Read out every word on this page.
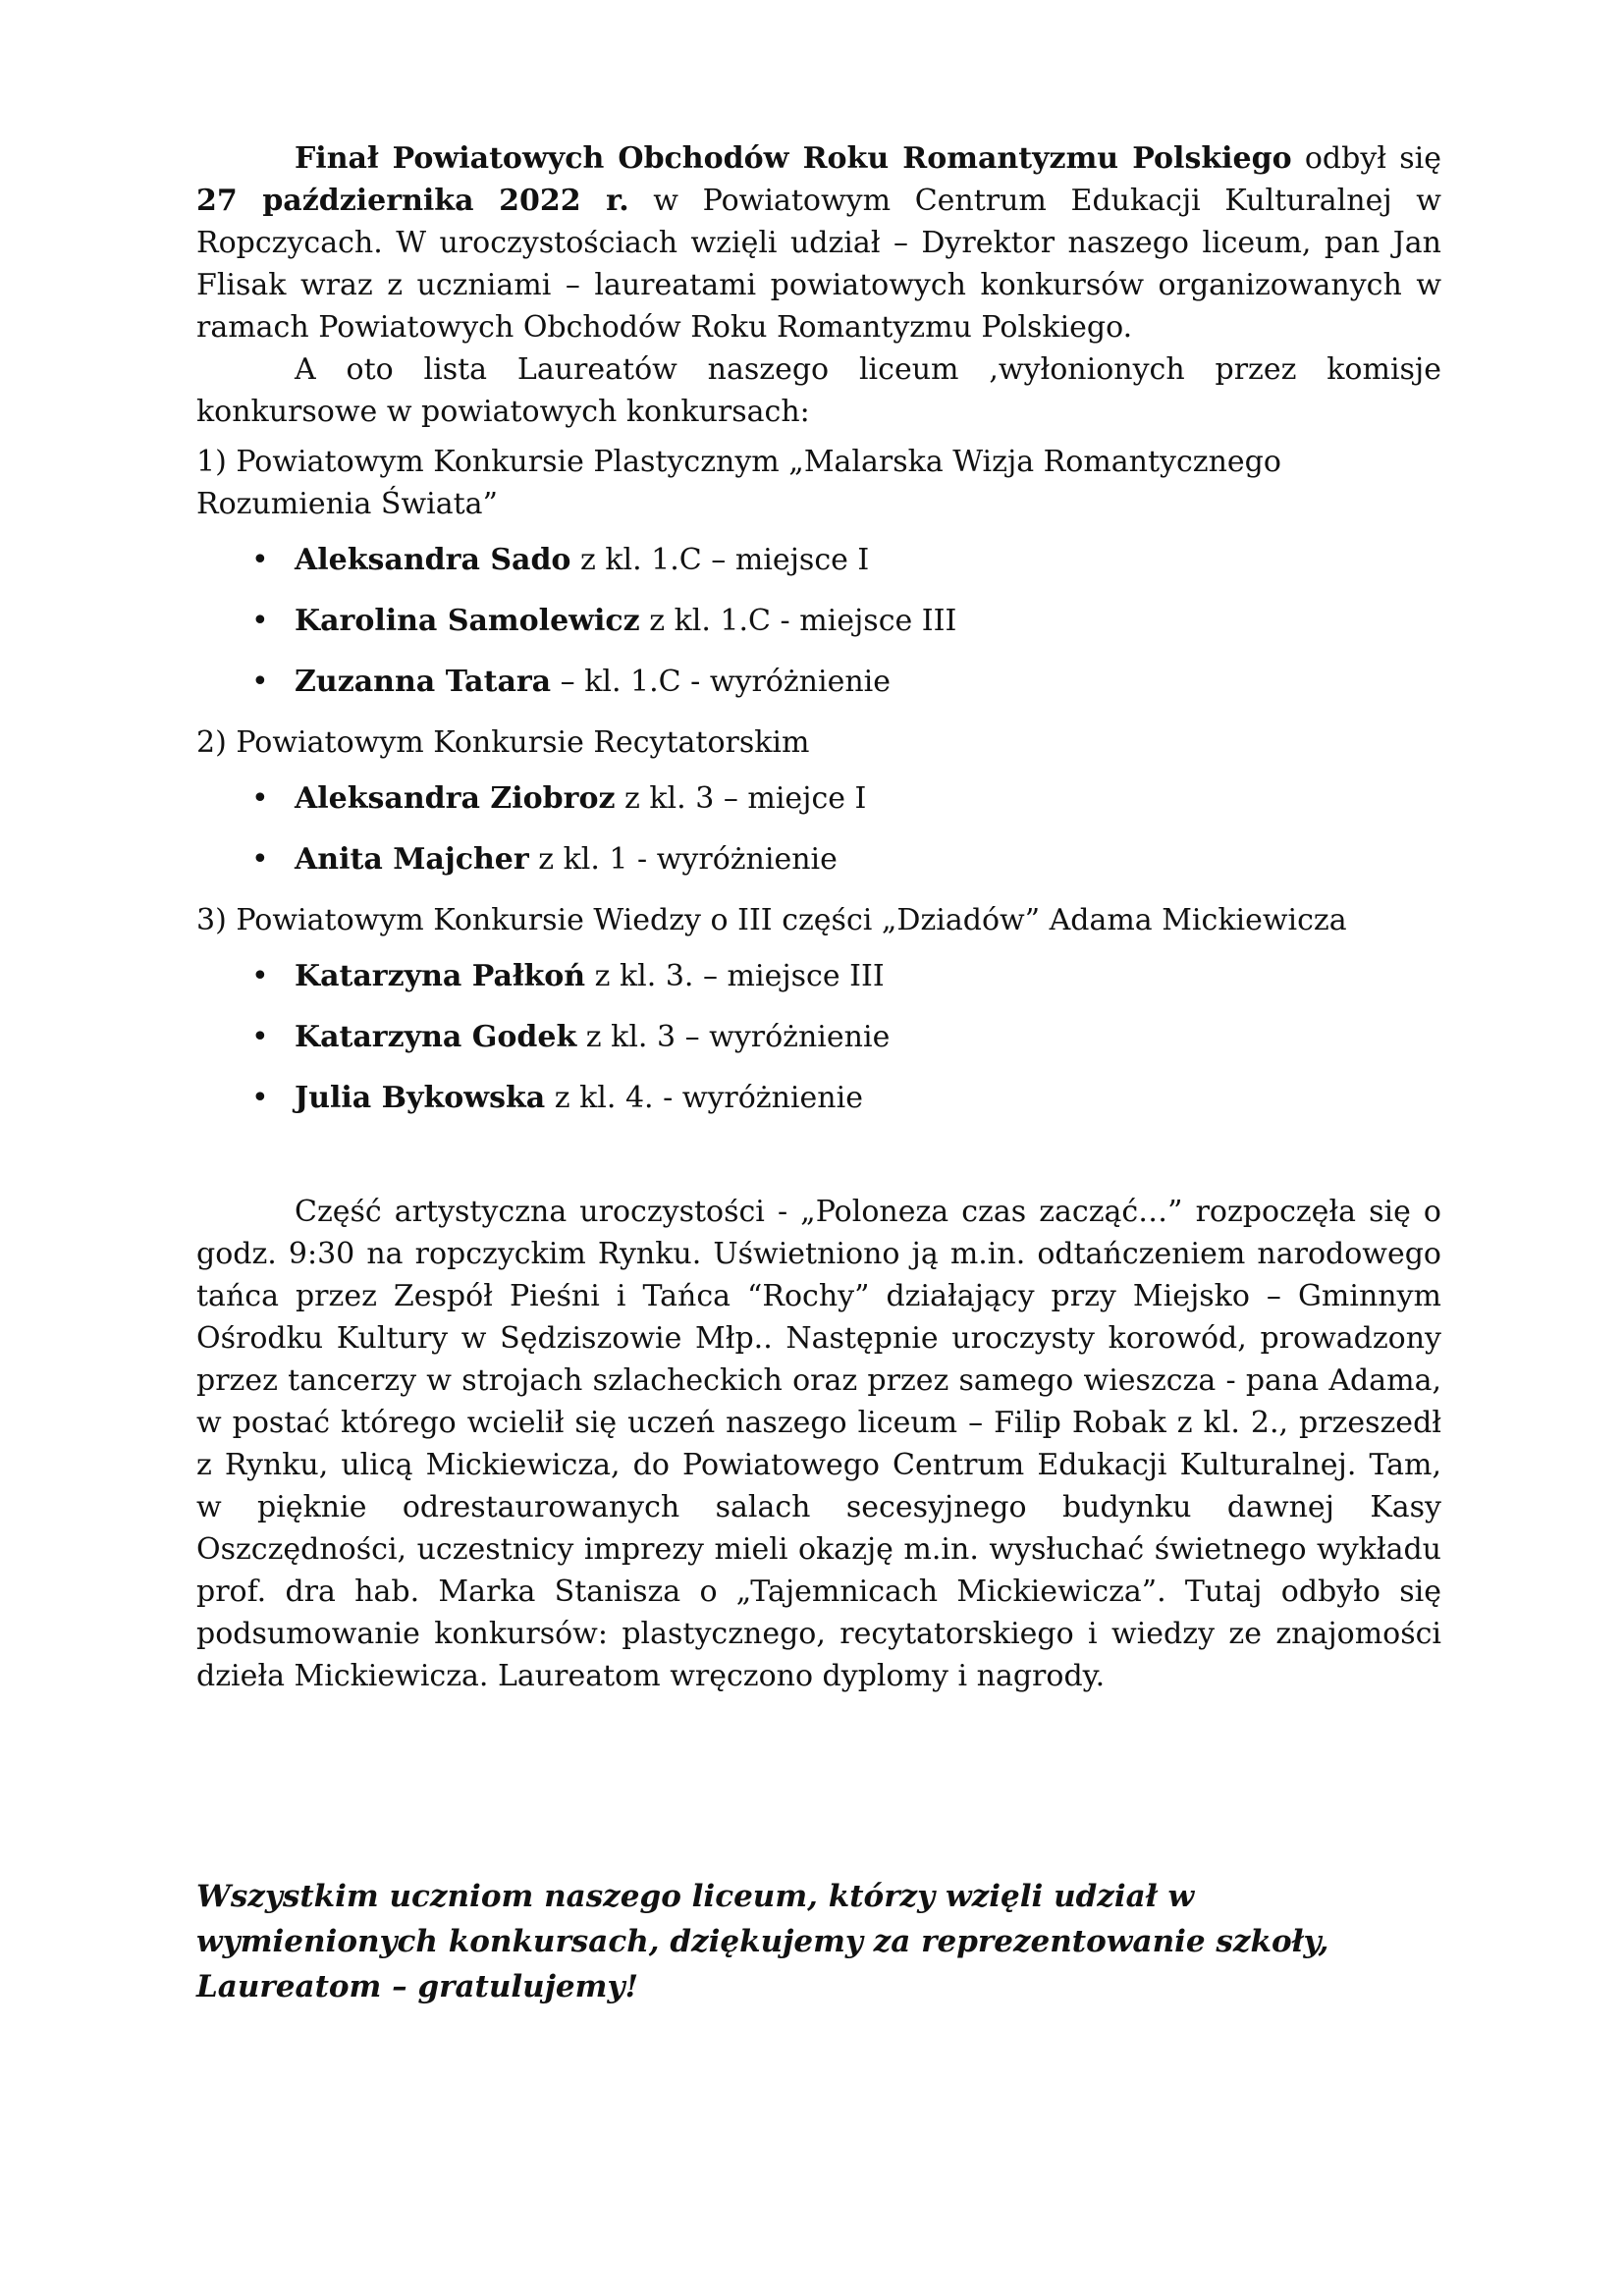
Finał Powiatowych Obchodów Roku Romantyzmu Polskiego odbył się 27 października 2022 r. w Powiatowym Centrum Edukacji Kulturalnej w Ropczycach. W uroczystościach wzięli udział – Dyrektor naszego liceum, pan Jan Flisak wraz z uczniami – laureatami powiatowych konkursów organizowanych w ramach Powiatowych Obchodów Roku Romantyzmu Polskiego.

A oto lista Laureatów naszego liceum ,wyłonionych przez komisje konkursowe w powiatowych konkursach:

1) Powiatowym Konkursie Plastycznym „Malarska Wizja Romantycznego Rozumienia Świata”

• Aleksandra Sado z kl. 1.C – miejsce I
• Karolina Samolewicz z kl. 1.C - miejsce III
• Zuzanna Tatara – kl. 1.C - wyróżnienie

2) Powiatowym Konkursie Recytatorskim

• Aleksandra Ziobroz z kl. 3 – miejce I
• Anita Majcher z kl. 1 - wyróżnienie

3) Powiatowym Konkursie Wiedzy o III części „Dziadów” Adama Mickiewicza

• Katarzyna Pałkoń z kl. 3. – miejsce III
• Katarzyna Godek z kl. 3 – wyróżnienie
• Julia Bykowska z kl. 4. - wyróżnienie

Część artystyczna uroczystości - „Poloneza czas zacząć…” rozpoczęła się o godz. 9:30 na ropczyckim Rynku. Uświetniono ją m.in. odtańczeniem narodowego tańca przez Zespół Pieśni i Tańca “Rochy” działający przy Miejsko – Gminnym Ośrodku Kultury w Sędziszowie Młp.. Następnie uroczysty korowód, prowadzony przez tancerzy w strojach szlacheckich oraz przez samego wieszcza - pana Adama, w postać którego wcielił się uczeń naszego liceum – Filip Robak z kl. 2., przeszedł z Rynku, ulicą Mickiewicza, do Powiatowego Centrum Edukacji Kulturalnej. Tam, w pięknie odrestaurowanych salach secesyjnego budynku dawnej Kasy Oszczędności, uczestnicy imprezy mieli okazję m.in. wysłuchać świetnego wykładu prof. dra hab. Marka Stanisza o „Tajemnicach Mickiewicza”. Tutaj odbyło się podsumowanie konkursów: plastycznego, recytatorskiego i wiedzy ze znajomości dzieła Mickiewicza. Laureatom wręczono dyplomy i nagrody.

Wszystkim uczniom naszego liceum, którzy wzięli udział w wymienionych konkursach, dziękujemy za reprezentowanie szkoły, Laureatom – gratulujemy!
